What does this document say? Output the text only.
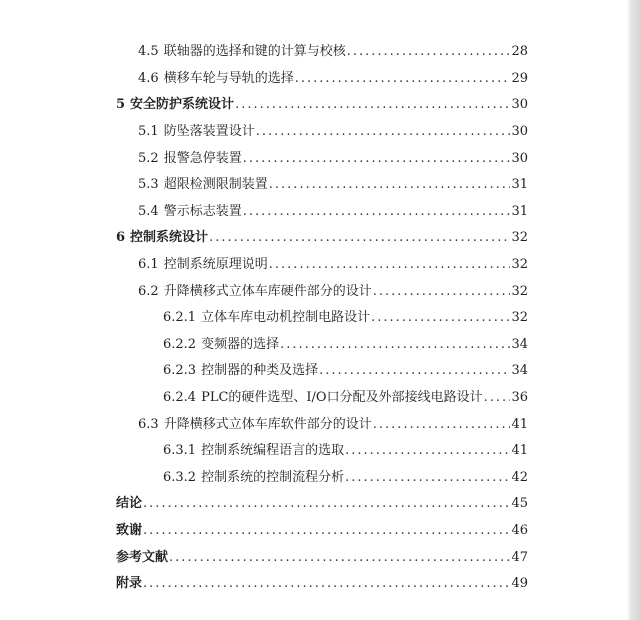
4.5 联轴器的选择和键的计算与校核 .....	28
4.6 横移车轮与导轨的选择 .....	29
5 安全防护系统设计 .....	30
5.1 防坠落装置设计 .....	30
5.2 报警急停装置 .....	30
5.3 超限检测限制装置 .....	31
5.4 警示标志装置 .....	31
6 控制系统设计 .....	32
6.1 控制系统原理说明 .....	32
6.2 升降横移式立体车库硬件部分的设计 .....	32
6.2.1 立体车库电动机控制电路设计 .....	32
6.2.2 变频器的选择 .....	34
6.2.3 控制器的种类及选择 .....	34
6.2.4 PLC的硬件选型、I/O口分配及外部接线电路设计 ..... 36
6.3 升降横移式立体车库软件部分的设计 .....	41
6.3.1 控制系统编程语言的选取 .....	41
6.3.2 控制系统的控制流程分析 .....	42
结论 .....	45
致谢 .....	46
参考文献 .....	47
附录 .....	49
